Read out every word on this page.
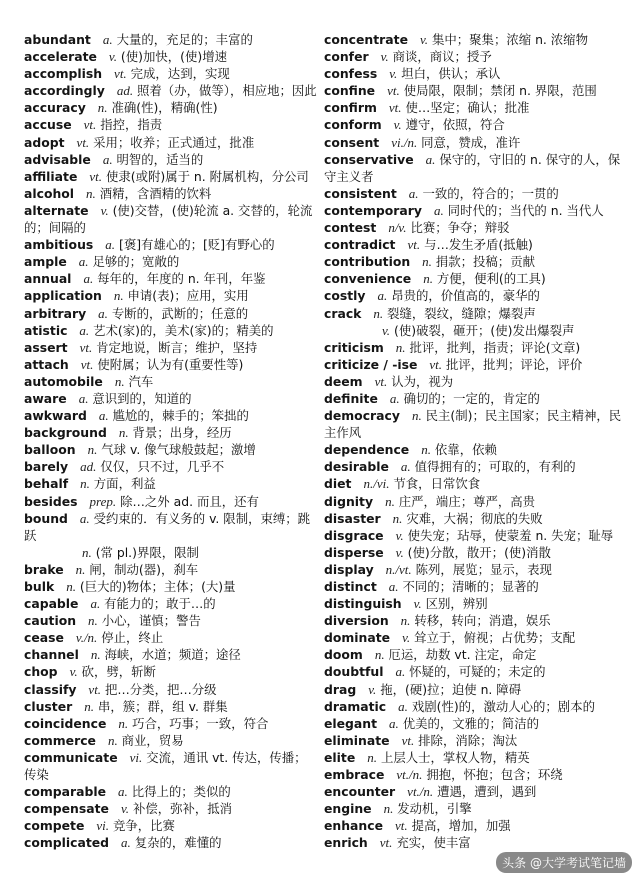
abundant a. 大量的，充足的；丰富的
accelerate v. (使)加快，(使)增速
accomplish vt. 完成，达到，实现
accordingly ad. 照着（办，做等），相应地；因此
accuracy n. 准确(性)，精确(性)
accuse vt. 指控，指责
adopt vt. 采用；收养；正式通过，批准
advisable a. 明智的，适当的
affiliate vt. 使隶(或附)属于 n. 附属机构，分公司
alcohol n. 酒精，含酒精的饮料
alternate v. (使)交替，(使)轮流 a. 交替的，轮流的；间隔的
ambitious a. [褒]有雄心的；[贬]有野心的
ample a. 足够的；宽敞的
annual a. 每年的，年度的 n. 年刊，年鉴
application n. 申请(表)；应用，实用
arbitrary a. 专断的，武断的；任意的
atistic a. 艺术(家)的，美术(家)的；精美的
assert vt. 肯定地说，断言；维护，坚持
attach vt. 使附属；认为有(重要性等)
automobile n. 汽车
aware a. 意识到的，知道的
awkward a. 尴尬的，棘手的；笨拙的
background n. 背景；出身，经历
balloon n. 气球 v. 像气球般鼓起；激增
barely ad. 仅仅，只不过，几乎不
behalf n. 方面，利益
besides prep. 除…之外 ad. 而且，还有
bound a. 受约束的．有义务的 v. 限制，束缚；跳跃
n. (常 pl.)界限，限制
brake n. 闸，制动(器)，刹车
bulk n. (巨大的)物体；主体；(大)量
capable a. 有能力的；敢于…的
caution n. 小心，谨慎；警告
cease v./n. 停止，终止
channel n. 海峡，水道；频道；途径
chop v. 砍，劈，斩断
classify vt. 把…分类，把…分级
cluster n. 串，簇；群，组 v. 群集
coincidence n. 巧合，巧事；一致，符合
commerce n. 商业，贸易
communicate vi. 交流，通讯 vt. 传达，传播；传染
comparable a. 比得上的；类似的
compensate v. 补偿，弥补，抵消
compete vi. 竞争，比赛
complicated a. 复杂的，难懂的
concentrate v. 集中；聚集；浓缩 n. 浓缩物
confer v. 商谈，商议；授予
confess v. 坦白，供认；承认
confine vt. 使局限，限制；禁闭 n. 界限，范围
confirm vt. 使…坚定；确认；批准
conform v. 遵守，依照，符合
consent vi./n. 同意，赞成，准许
conservative a. 保守的，守旧的 n. 保守的人，保守主义者
consistent a. 一致的，符合的；一贯的
contemporary a. 同时代的；当代的 n. 当代人
contest n/v. 比赛；争夺；辩驳
contradict vt. 与…发生矛盾(抵触)
contribution n. 捐款；投稿；贡献
convenience n. 方便，便利(的工具)
costly a. 昂贵的，价值高的，豪华的
crack n. 裂缝，裂纹，缝隙；爆裂声
v. (使)破裂，砸开；(使)发出爆裂声
criticism n. 批评，批判，指责；评论(文章)
criticize / -ise vt. 批评，批判；评论，评价
deem vt. 认为，视为
definite a. 确切的；一定的，肯定的
democracy n. 民主(制)；民主国家；民主精神，民主作风
dependence n. 依靠，依赖
desirable a. 值得拥有的；可取的，有利的
diet n./vi. 节食，日常饮食
dignity n. 庄严，端庄；尊严，高贵
disaster n. 灾难，大祸；彻底的失败
disgrace v. 使失宠；玷辱，使蒙羞 n. 失宠；耻辱
disperse v. (使)分散，散开；(使)消散
display n./vt. 陈列，展览；显示，表现
distinct a. 不同的；清晰的；显著的
distinguish v. 区别，辨别
diversion n. 转移，转向；消遣，娱乐
dominate v. 耸立于，俯视；占优势；支配
doom n. 厄运，劫数 vt. 注定，命定
doubtful a. 怀疑的，可疑的；未定的
drag v. 拖，(硬)拉；迫使 n. 障碍
dramatic a. 戏剧(性)的，激动人心的；剧本的
elegant a. 优美的，文雅的；简洁的
eliminate vt. 排除，消除；淘汰
elite n. 上层人士，掌权人物，精英
embrace vt./n. 拥抱，怀抱；包含；环绕
encounter vt./n. 遭遇，遭到，遇到
engine n. 发动机，引擎
enhance vt. 提高，增加，加强
enrich vt. 充实，使丰富
头条 @大学考试笔记墙
